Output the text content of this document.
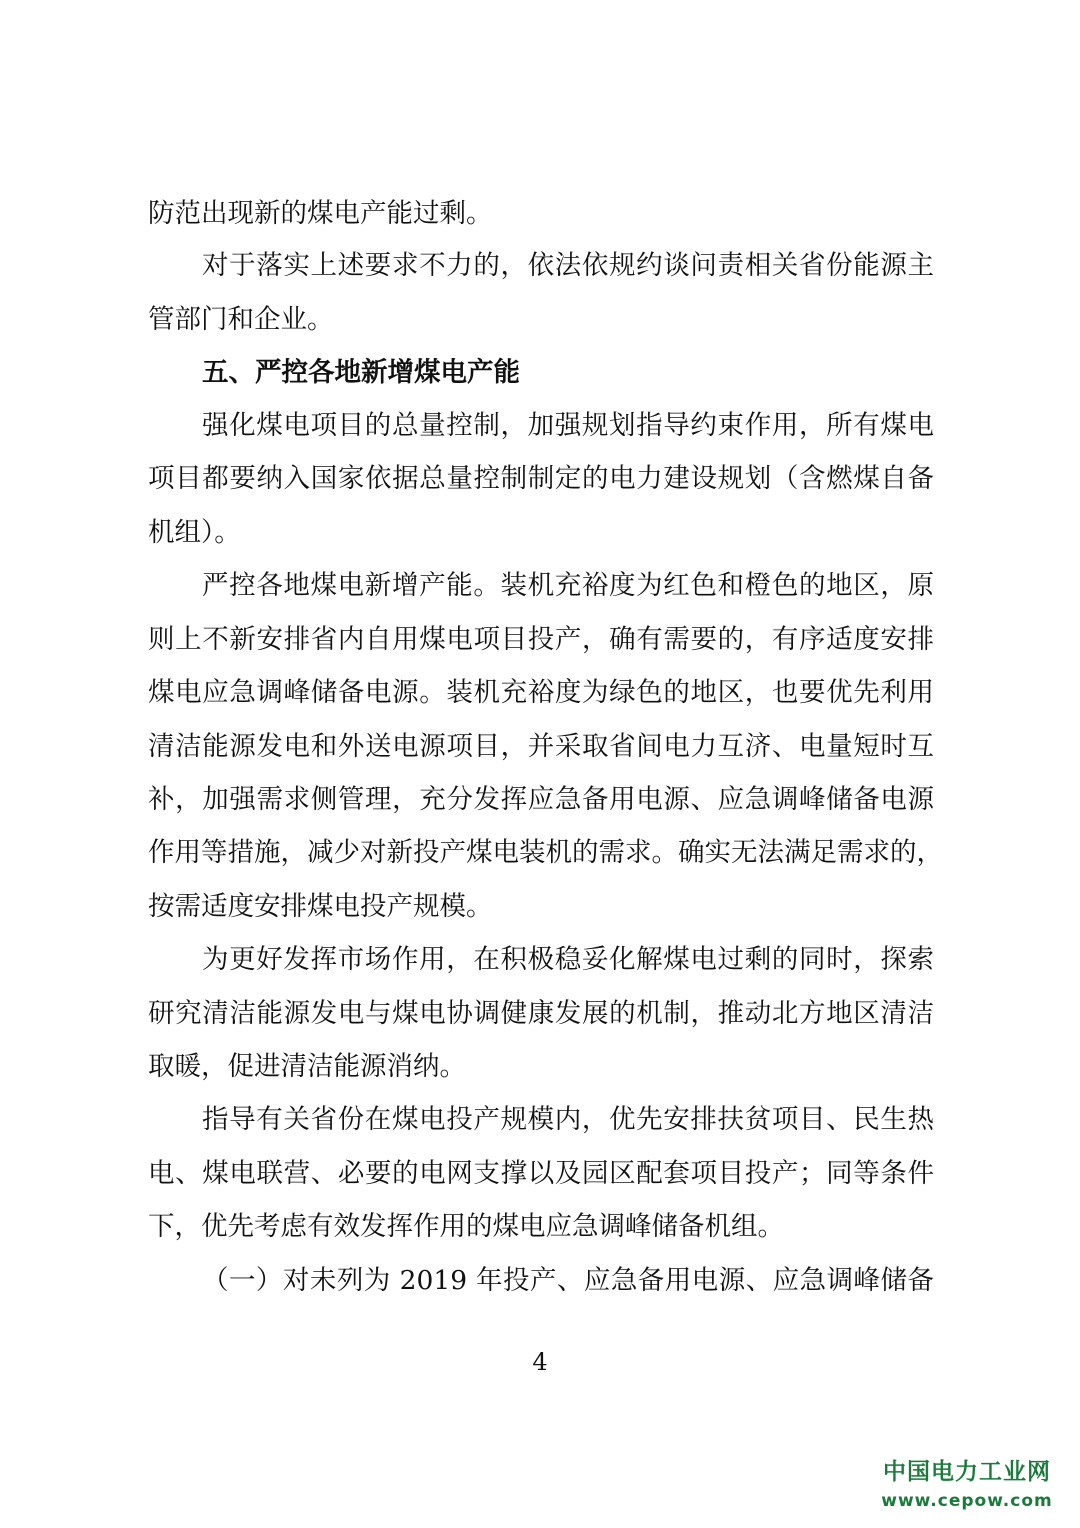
防范出现新的煤电产能过剩。
对于落实上述要求不力的，依法依规约谈问责相关省份能源主
管部门和企业。
五、严控各地新增煤电产能
强化煤电项目的总量控制，加强规划指导约束作用，所有煤电
项目都要纳入国家依据总量控制制定的电力建设规划（含燃煤自备
机组）。
严控各地煤电新增产能。装机充裕度为红色和橙色的地区，原
则上不新安排省内自用煤电项目投产，确有需要的，有序适度安排
煤电应急调峰储备电源。装机充裕度为绿色的地区，也要优先利用
清洁能源发电和外送电源项目，并采取省间电力互济、电量短时互
补，加强需求侧管理，充分发挥应急备用电源、应急调峰储备电源
作用等措施，减少对新投产煤电装机的需求。确实无法满足需求的，
按需适度安排煤电投产规模。
为更好发挥市场作用，在积极稳妥化解煤电过剩的同时，探索
研究清洁能源发电与煤电协调健康发展的机制，推动北方地区清洁
取暖，促进清洁能源消纳。
指导有关省份在煤电投产规模内，优先安排扶贫项目、民生热
电、煤电联营、必要的电网支撑以及园区配套项目投产；同等条件
下，优先考虑有效发挥作用的煤电应急调峰储备机组。
（一）对未列为 2019 年投产、应急备用电源、应急调峰储备
4
中国电力工业网
www.cepow.com
